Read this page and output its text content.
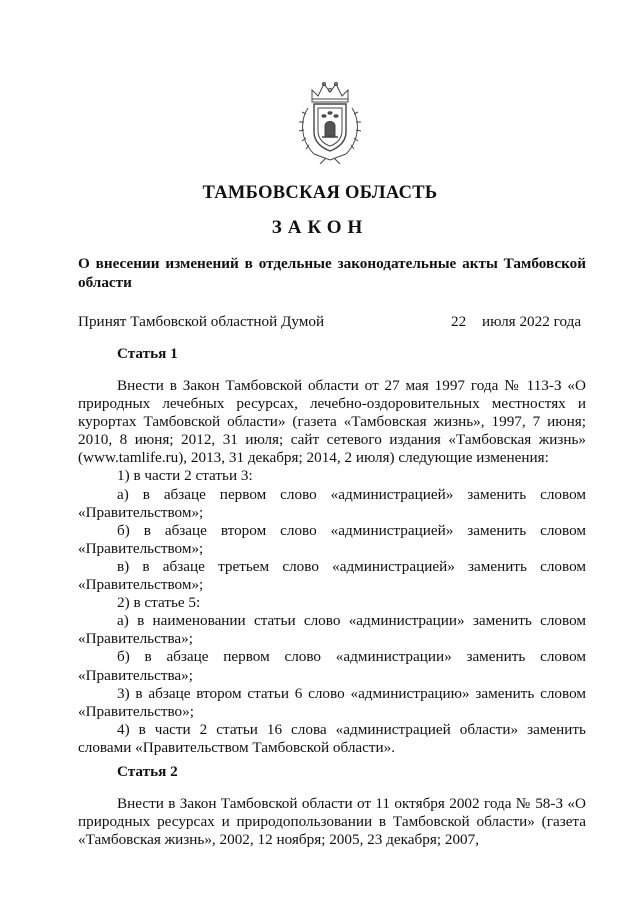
ТАМБОВСКАЯ ОБЛАСТЬ
ЗАКОН
О внесении изменений в отдельные законодательные акты Тамбовской области
Принят Тамбовской областной Думой	22 июля 2022 года
Статья 1

Внести в Закон Тамбовской области от 27 мая 1997 года № 113-З «О природных лечебных ресурсах, лечебно-оздоровительных местностях и курортах Тамбовской области» (газета «Тамбовская жизнь», 1997, 7 июня; 2010, 8 июня; 2012, 31 июля; сайт сетевого издания «Тамбовская жизнь» (www.tamlife.ru), 2013, 31 декабря; 2014, 2 июля) следующие изменения:

1) в части 2 статьи 3:

а) в абзаце первом слово «администрацией» заменить словом «Правительством»;

б) в абзаце втором слово «администрацией» заменить словом «Правительством»;

в) в абзаце третьем слово «администрацией» заменить словом «Правительством»;

2) в статье 5:

а) в наименовании статьи слово «администрации» заменить словом «Правительства»;

б) в абзаце первом слово «администрации» заменить словом «Правительства»;

3) в абзаце втором статьи 6 слово «администрацию» заменить словом «Правительство»;

4) в части 2 статьи 16 слова «администрацией области» заменить словами «Правительством Тамбовской области».

Статья 2

Внести в Закон Тамбовской области от 11 октября 2002 года № 58-З «О природных ресурсах и природопользовании в Тамбовской области» (газета «Тамбовская жизнь», 2002, 12 ноября; 2005, 23 декабря; 2007,
